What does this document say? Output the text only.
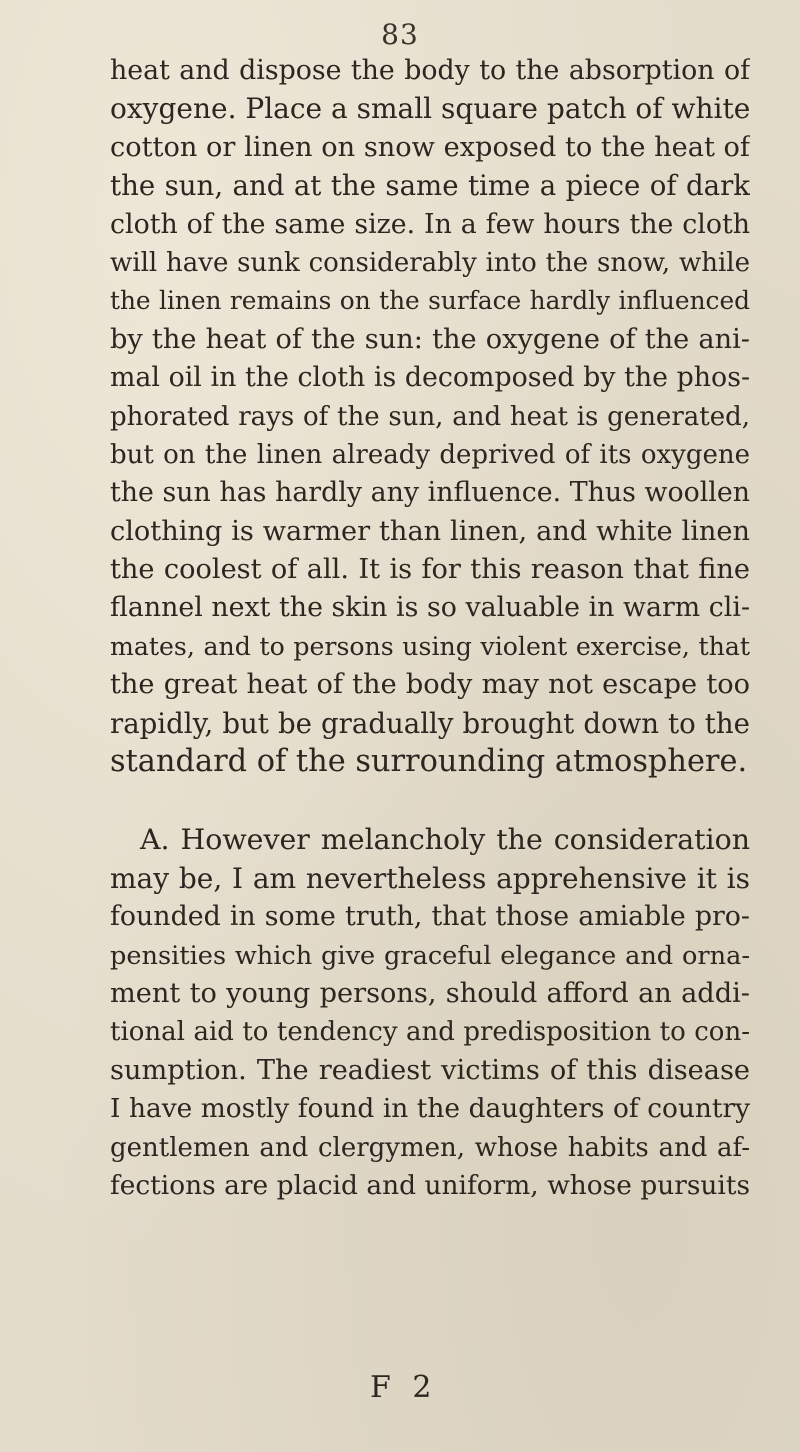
83
heat and dispose the body to the absorption of
oxygene. Place a small square patch of white
cotton or linen on snow exposed to the heat of
the sun, and at the same time a piece of dark
cloth of the same size. In a few hours the cloth
will have sunk considerably into the snow, while
the linen remains on the surface hardly influenced
by the heat of the sun: the oxygene of the ani-
mal oil in the cloth is decomposed by the phos-
phorated rays of the sun, and heat is generated,
but on the linen already deprived of its oxygene
the sun has hardly any influence. Thus woollen
clothing is warmer than linen, and white linen
the coolest of all. It is for this reason that fine
flannel next the skin is so valuable in warm cli-
mates, and to persons using violent exercise, that
the great heat of the body may not escape too
rapidly, but be gradually brought down to the
standard of the surrounding atmosphere.
A. However melancholy the consideration
may be, I am nevertheless apprehensive it is
founded in some truth, that those amiable pro-
pensities which give graceful elegance and orna-
ment to young persons, should afford an addi-
tional aid to tendency and predisposition to con-
sumption. The readiest victims of this disease
I have mostly found in the daughters of country
gentlemen and clergymen, whose habits and af-
fections are placid and uniform, whose pursuits
F 2
